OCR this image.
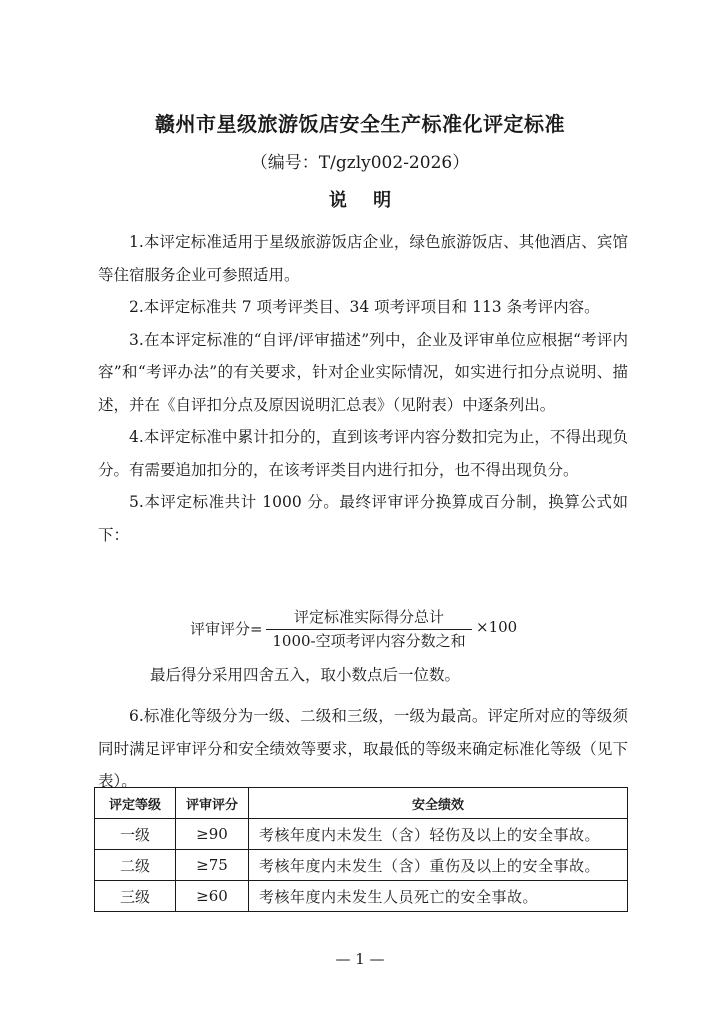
赣州市星级旅游饭店安全生产标准化评定标准
（编号：T/gzly002-2026）
说 明

1.本评定标准适用于星级旅游饭店企业，绿色旅游饭店、其他酒店、宾馆等住宿服务企业可参照适用。

2.本评定标准共 7 项考评类目、34 项考评项目和 113 条考评内容。

3.在本评定标准的“自评/评审描述”列中，企业及评审单位应根据“考评内容”和“考评办法”的有关要求，针对企业实际情况，如实进行扣分点说明、描述，并在《自评扣分点及原因说明汇总表》（见附表）中逐条列出。

4.本评定标准中累计扣分的，直到该考评内容分数扣完为止，不得出现负分。有需要追加扣分的，在该考评类目内进行扣分，也不得出现负分。

5.本评定标准共计 1000 分。最终评审评分换算成百分制，换算公式如下：

评审评分=
评定标准实际得分总计
1000-空项考评内容分数之和
×100
最后得分采用四舍五入，取小数点后一位数。

6.标准化等级分为一级、二级和三级，一级为最高。评定所对应的等级须同时满足评审评分和安全绩效等要求，取最低的等级来确定标准化等级（见下表）。

评定等级	评审评分	安全绩效
一级	≥90	考核年度内未发生（含）轻伤及以上的安全事故。
二级	≥75	考核年度内未发生（含）重伤及以上的安全事故。
三级	≥60	考核年度内未发生人员死亡的安全事故。
— 1 —
